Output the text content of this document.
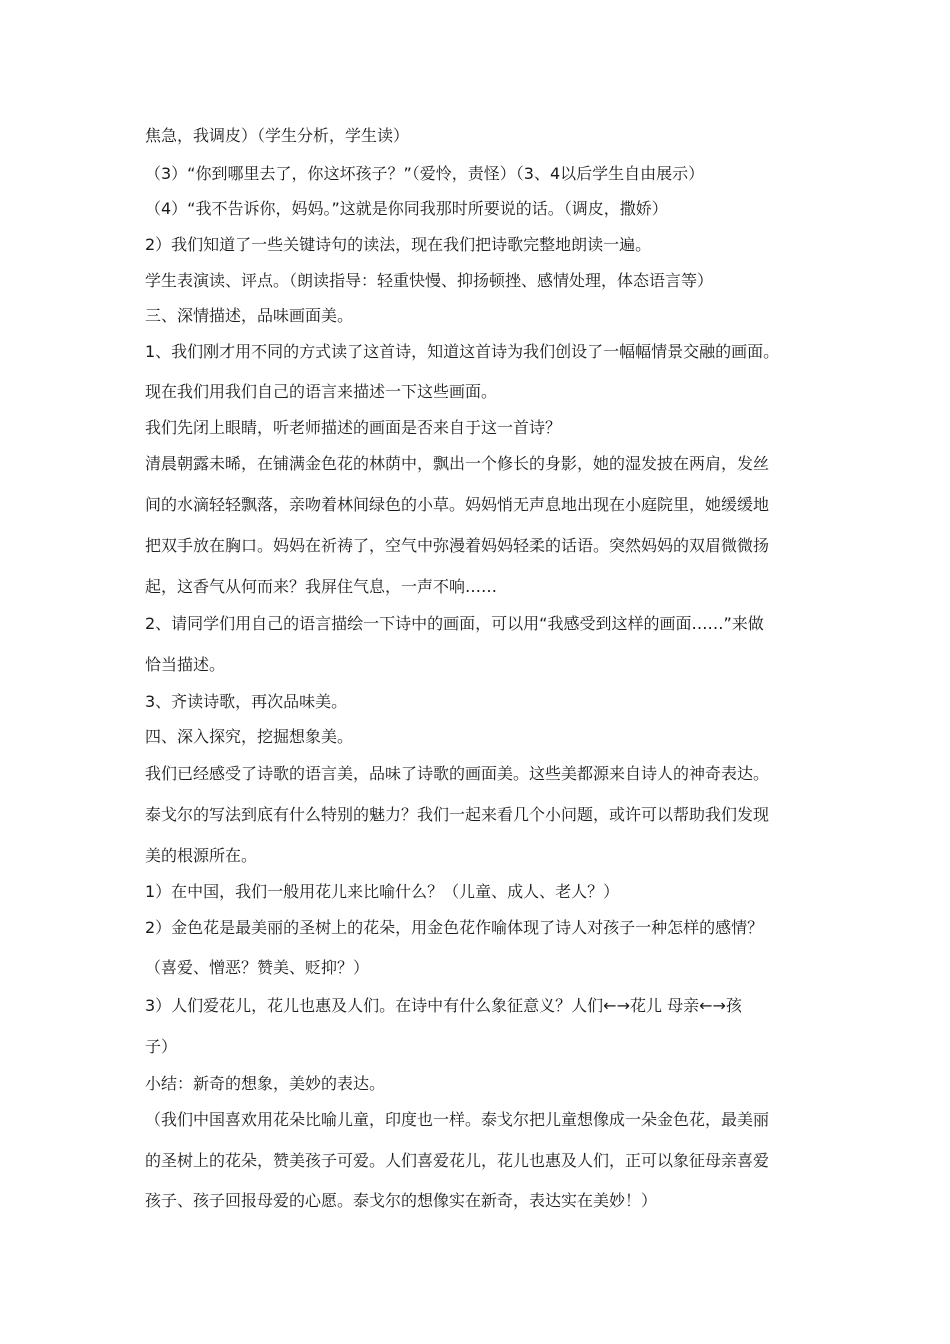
焦急，我调皮）（学生分析，学生读）
（3）“你到哪里去了，你这坏孩子？”（爱怜，责怪）（3、4以后学生自由展示）
（4）“我不告诉你，妈妈。”这就是你同我那时所要说的话。（调皮，撒娇）
2）我们知道了一些关键诗句的读法，现在我们把诗歌完整地朗读一遍。
学生表演读、评点。（朗读指导：轻重快慢、抑扬顿挫、感情处理，体态语言等）
三、深情描述，品味画面美。
1、我们刚才用不同的方式读了这首诗，知道这首诗为我们创设了一幅幅情景交融的画面。
现在我们用我们自己的语言来描述一下这些画面。
我们先闭上眼睛，听老师描述的画面是否来自于这一首诗？
清晨朝露未晞，在铺满金色花的林荫中，飘出一个修长的身影，她的湿发披在两肩，发丝
间的水滴轻轻飘落，亲吻着林间绿色的小草。妈妈悄无声息地出现在小庭院里，她缓缓地
把双手放在胸口。妈妈在祈祷了，空气中弥漫着妈妈轻柔的话语。突然妈妈的双眉微微扬
起，这香气从何而来？我屏住气息，一声不响……
2、请同学们用自己的语言描绘一下诗中的画面，可以用“我感受到这样的画面……”来做
恰当描述。
3、齐读诗歌，再次品味美。
四、深入探究，挖掘想象美。
我们已经感受了诗歌的语言美，品味了诗歌的画面美。这些美都源来自诗人的神奇表达。
泰戈尔的写法到底有什么特别的魅力？我们一起来看几个小问题，或许可以帮助我们发现
美的根源所在。
1）在中国，我们一般用花儿来比喻什么？（儿童、成人、老人？）
2）金色花是最美丽的圣树上的花朵，用金色花作喻体现了诗人对孩子一种怎样的感情？
（喜爱、憎恶？赞美、贬抑？）
3）人们爱花儿，花儿也惠及人们。在诗中有什么象征意义？人们←→花儿 母亲←→孩
子）
小结：新奇的想象，美妙的表达。
（我们中国喜欢用花朵比喻儿童，印度也一样。泰戈尔把儿童想像成一朵金色花，最美丽
的圣树上的花朵，赞美孩子可爱。人们喜爱花儿，花儿也惠及人们，正可以象征母亲喜爱
孩子、孩子回报母爱的心愿。泰戈尔的想像实在新奇，表达实在美妙！）
